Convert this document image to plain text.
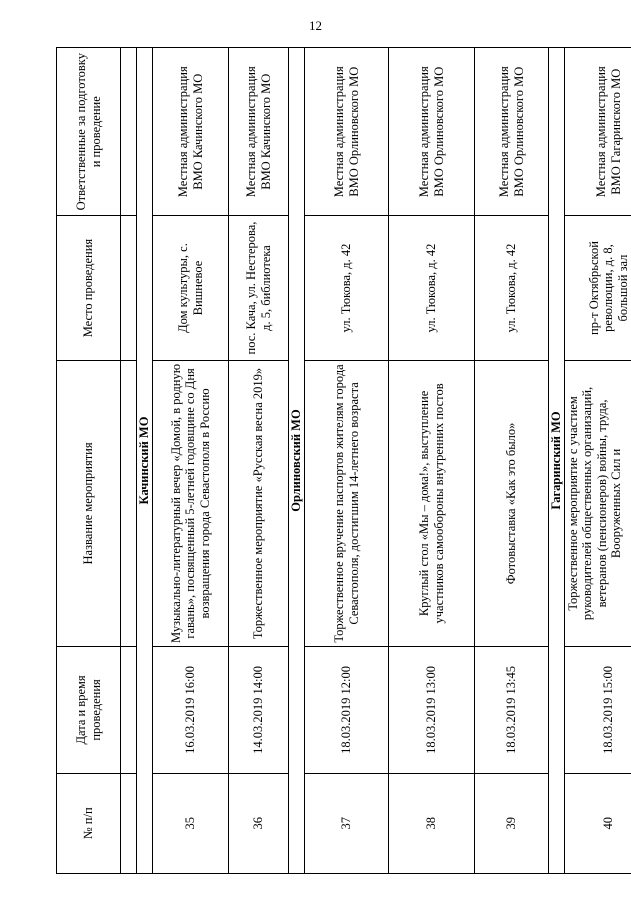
12
№ п/п	Дата и время проведения	Название мероприятия	Место проведения	Ответственные за подготовку и проведение

Качинский МО				
35	16.03.2019 16:00	Музыкально-литературный вечер «Домой, в родную гавань», посвященный 5-летней годовщине со Дня возвращения города Севастополя в Россию	Дом культуры, с. Вишневое	Местная администрация ВМО Качинского МО
36	14.03.2019 14:00	Торжественное мероприятие «Русская весна 2019»	пос. Кача, ул. Нестерова, д. 5, библиотека	Местная администрация ВМО Качинского МО
Орлиновский МО				
37	18.03.2019 12:00	Торжественное вручение паспортов жителям города Севастополя, достигшим 14-летнего возраста	ул. Тюкова, д. 42	Местная администрация ВМО Орлиновского МО
38	18.03.2019 13:00	Круглый стол «Мы – дома!», выступление участников самообороны внутренних постов	ул. Тюкова, д. 42	Местная администрация ВМО Орлиновского МО
39	18.03.2019 13:45	Фотовыставка «Как это было»	ул. Тюкова, д. 42	Местная администрация ВМО Орлиновского МО
Гагаринский МО				
40	18.03.2019 15:00	Торжественное мероприятие с участием руководителей общественных организаций, ветеранов (пенсионеров) войны, труда, Вооруженных Сил и	пр-т Октябрьской революции, д. 8, большой зал	Местная администрация ВМО Гагаринского МО
